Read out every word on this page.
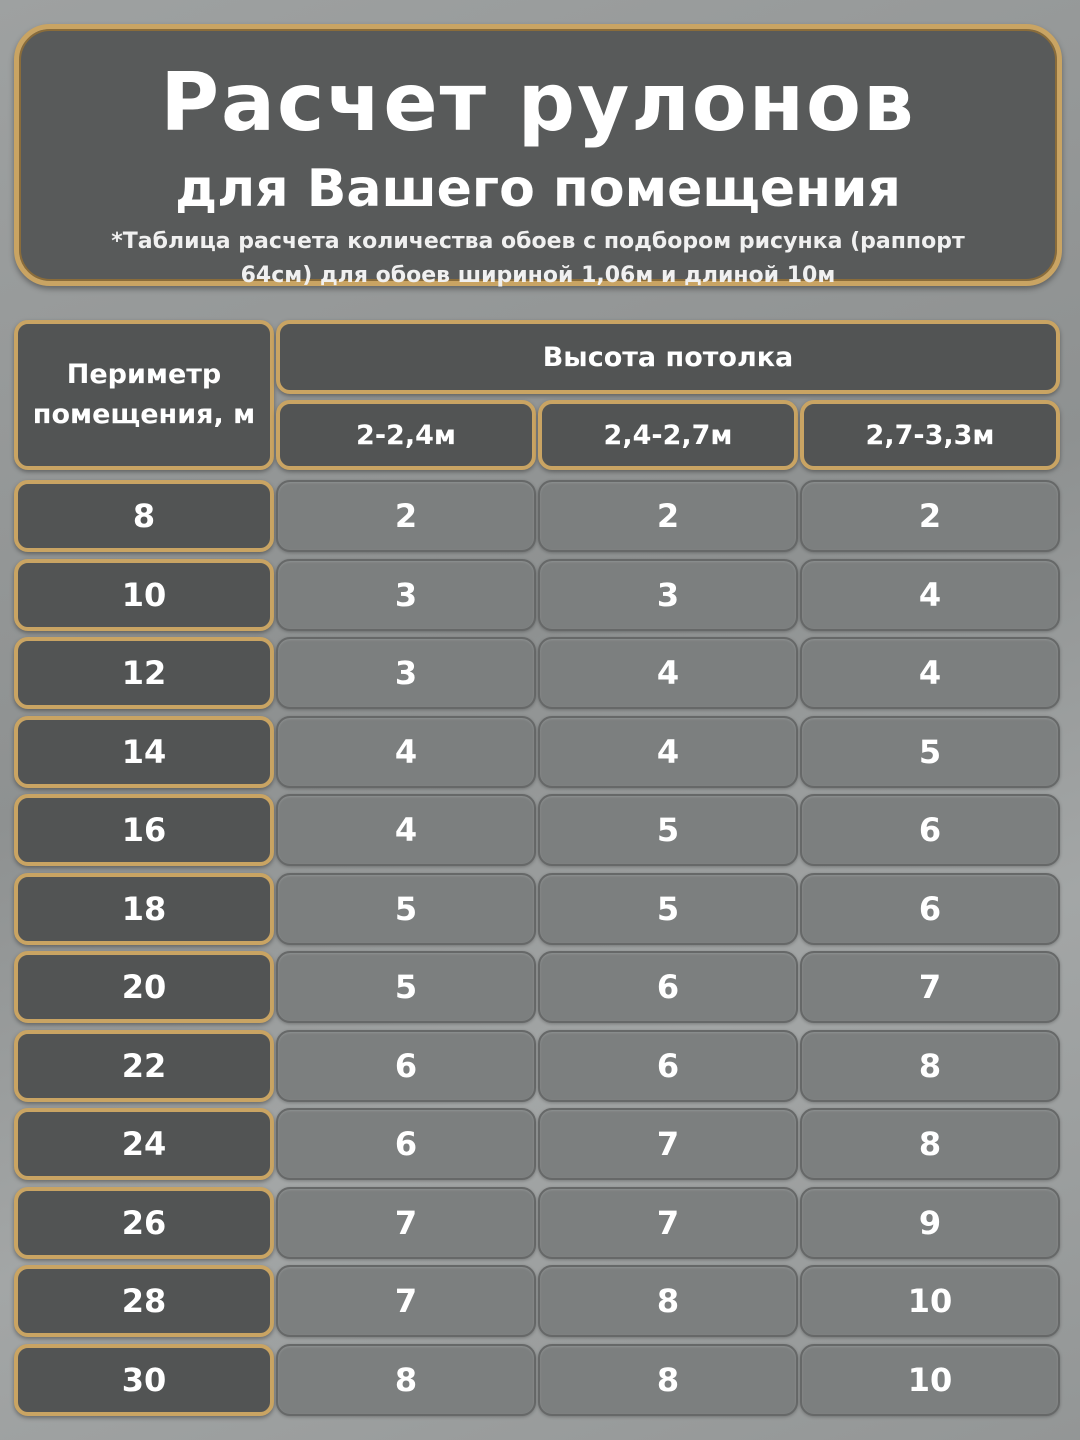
Расчет рулонов
для Вашего помещения
*Таблица расчета количества обоев с подбором рисунка (раппорт 64см) для обоев шириной 1,06м и длиной 10м
Периметр помещения, м
Высота потолка
2-2,4м	2,4-2,7м	2,7-3,3м
8	2	2	2
10	3	3	4
12	3	4	4
14	4	4	5
16	4	5	6
18	5	5	6
20	5	6	7
22	6	6	8
24	6	7	8
26	7	7	9
28	7	8	10
30	8	8	10
